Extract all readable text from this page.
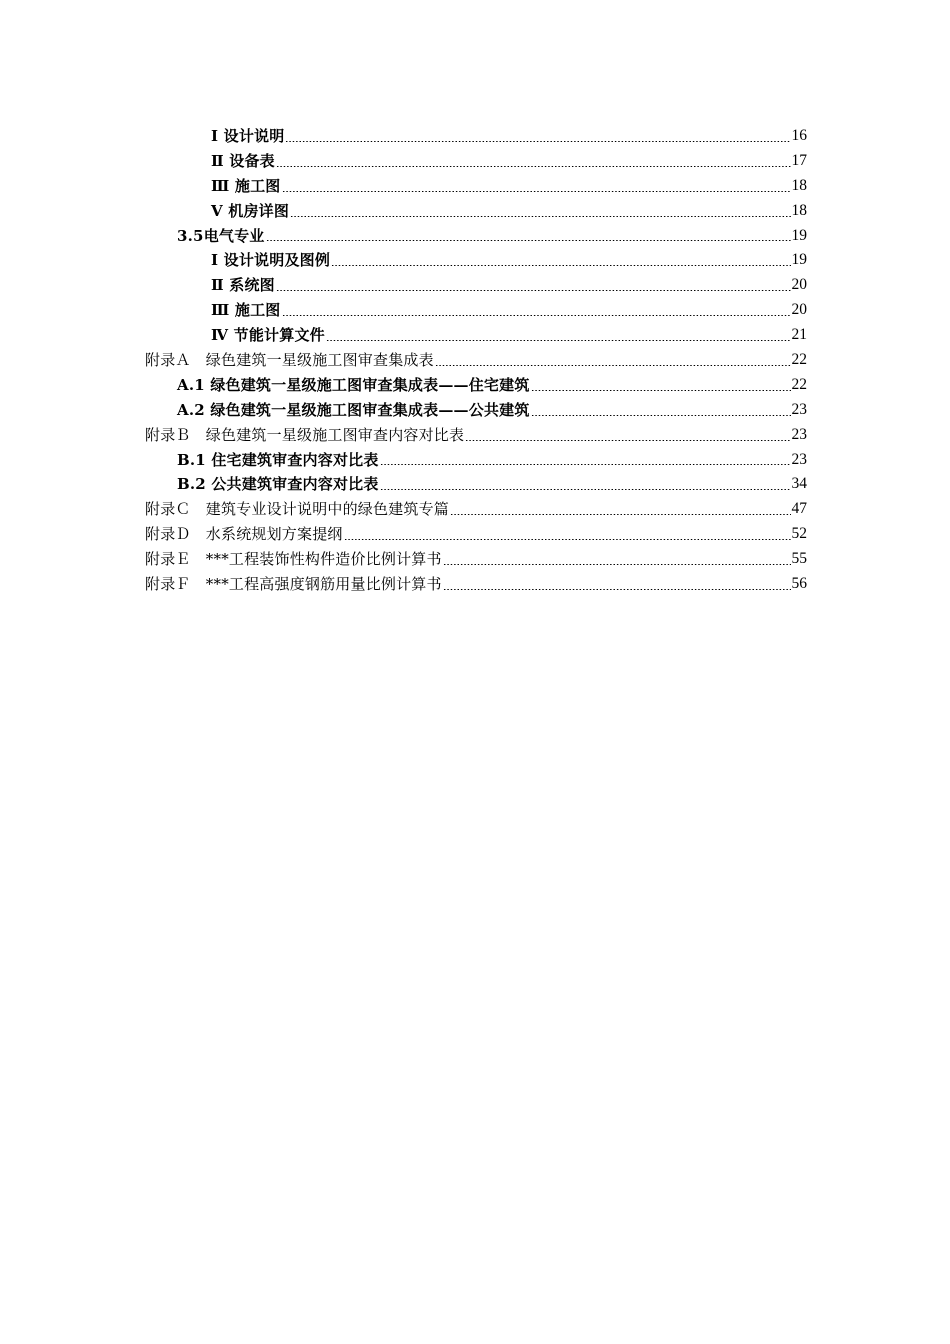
Ⅰ 设计说明	16
Ⅱ 设备表	17
Ⅲ 施工图	18
Ⅴ 机房详图	18
3.5电气专业	19
Ⅰ 设计说明及图例	19
Ⅱ 系统图	20
Ⅲ 施工图	20
Ⅳ 节能计算文件	21
附录Ａ　绿色建筑一星级施工图审查集成表	22
A.1 绿色建筑一星级施工图审查集成表——住宅建筑	22
A.2 绿色建筑一星级施工图审查集成表——公共建筑	23
附录Ｂ　绿色建筑一星级施工图审查内容对比表	23
B.1 住宅建筑审查内容对比表	23
B.2 公共建筑审查内容对比表	34
附录Ｃ　建筑专业设计说明中的绿色建筑专篇	47
附录Ｄ　水系统规划方案提纲	52
附录Ｅ　***工程装饰性构件造价比例计算书	55
附录Ｆ　***工程高强度钢筋用量比例计算书	56
